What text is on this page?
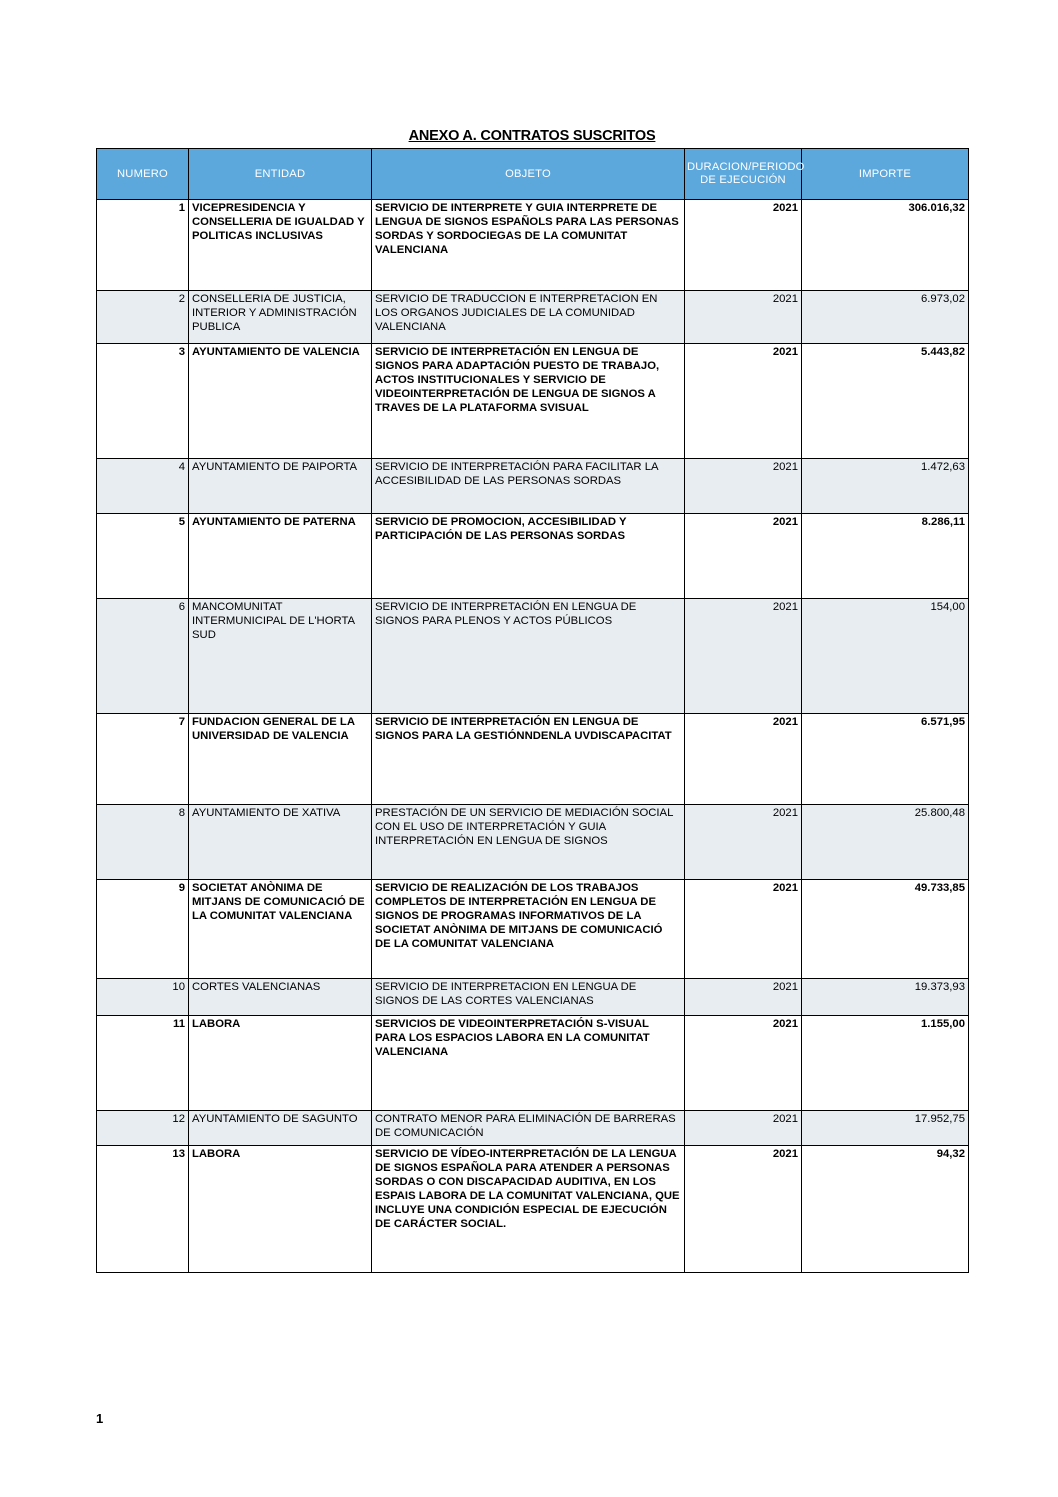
ANEXO A. CONTRATOS SUSCRITOS
NUMERO	ENTIDAD	OBJETO	DURACION/PERIODO DE EJECUCIÓN	IMPORTE

1	VICEPRESIDENCIA Y CONSELLERIA DE IGUALDAD Y POLITICAS INCLUSIVAS	SERVICIO DE INTERPRETE Y GUIA INTERPRETE DE LENGUA DE SIGNOS ESPAÑOLS PARA LAS PERSONAS SORDAS Y SORDOCIEGAS DE LA COMUNITAT VALENCIANA	2021	306.016,32

2	CONSELLERIA DE JUSTICIA, INTERIOR Y ADMINISTRACIÓN PUBLICA	SERVICIO DE TRADUCCION E INTERPRETACION EN LOS ORGANOS JUDICIALES DE LA COMUNIDAD VALENCIANA	2021	6.973,02

3	AYUNTAMIENTO DE VALENCIA	SERVICIO DE INTERPRETACIÓN EN LENGUA DE SIGNOS PARA ADAPTACIÓN PUESTO DE TRABAJO, ACTOS INSTITUCIONALES Y SERVICIO DE VIDEOINTERPRETACIÓN DE LENGUA DE SIGNOS A TRAVES DE LA PLATAFORMA SVISUAL	2021	5.443,82

4	AYUNTAMIENTO DE PAIPORTA	SERVICIO DE INTERPRETACIÓN PARA FACILITAR LA ACCESIBILIDAD DE LAS PERSONAS SORDAS	2021	1.472,63

5	AYUNTAMIENTO DE PATERNA	SERVICIO DE PROMOCION, ACCESIBILIDAD Y PARTICIPACIÓN DE LAS PERSONAS SORDAS	2021	8.286,11

6	MANCOMUNITAT INTERMUNICIPAL DE L'HORTA SUD	SERVICIO DE INTERPRETACIÓN EN LENGUA DE SIGNOS PARA PLENOS Y ACTOS PÚBLICOS	2021	154,00

7	FUNDACION GENERAL DE LA UNIVERSIDAD DE VALENCIA	SERVICIO DE INTERPRETACIÓN EN LENGUA DE SIGNOS PARA LA GESTIÓNNDENLA UVDISCAPACITAT	2021	6.571,95

8	AYUNTAMIENTO DE XATIVA	PRESTACIÓN DE UN SERVICIO DE MEDIACIÓN SOCIAL CON EL USO DE INTERPRETACIÓN Y GUIA INTERPRETACIÓN EN LENGUA DE SIGNOS	2021	25.800,48

9	SOCIETAT ANÒNIMA DE MITJANS DE COMUNICACIÓ DE LA COMUNITAT VALENCIANA	SERVICIO DE REALIZACIÓN DE LOS TRABAJOS COMPLETOS DE INTERPRETACIÓN EN LENGUA DE SIGNOS DE PROGRAMAS INFORMATIVOS DE LA SOCIETAT ANÒNIMA DE MITJANS DE COMUNICACIÓ DE LA COMUNITAT VALENCIANA	2021	49.733,85

10	CORTES VALENCIANAS	SERVICIO DE INTERPRETACION EN LENGUA DE SIGNOS DE LAS CORTES VALENCIANAS	2021	19.373,93

11	LABORA	SERVICIOS DE VIDEOINTERPRETACIÓN S-VISUAL PARA LOS ESPACIOS LABORA EN LA COMUNITAT VALENCIANA	2021	1.155,00

12	AYUNTAMIENTO DE SAGUNTO	CONTRATO MENOR PARA ELIMINACIÓN DE BARRERAS DE COMUNICACIÓN	2021	17.952,75

13	LABORA	SERVICIO DE VÍDEO-INTERPRETACIÓN DE LA LENGUA DE SIGNOS ESPAÑOLA PARA ATENDER A PERSONAS SORDAS O CON DISCAPACIDAD AUDITIVA, EN LOS ESPAIS LABORA DE LA COMUNITAT VALENCIANA, QUE INCLUYE UNA CONDICIÓN ESPECIAL DE EJECUCIÓN DE CARÁCTER SOCIAL.	2021	94,32
1
